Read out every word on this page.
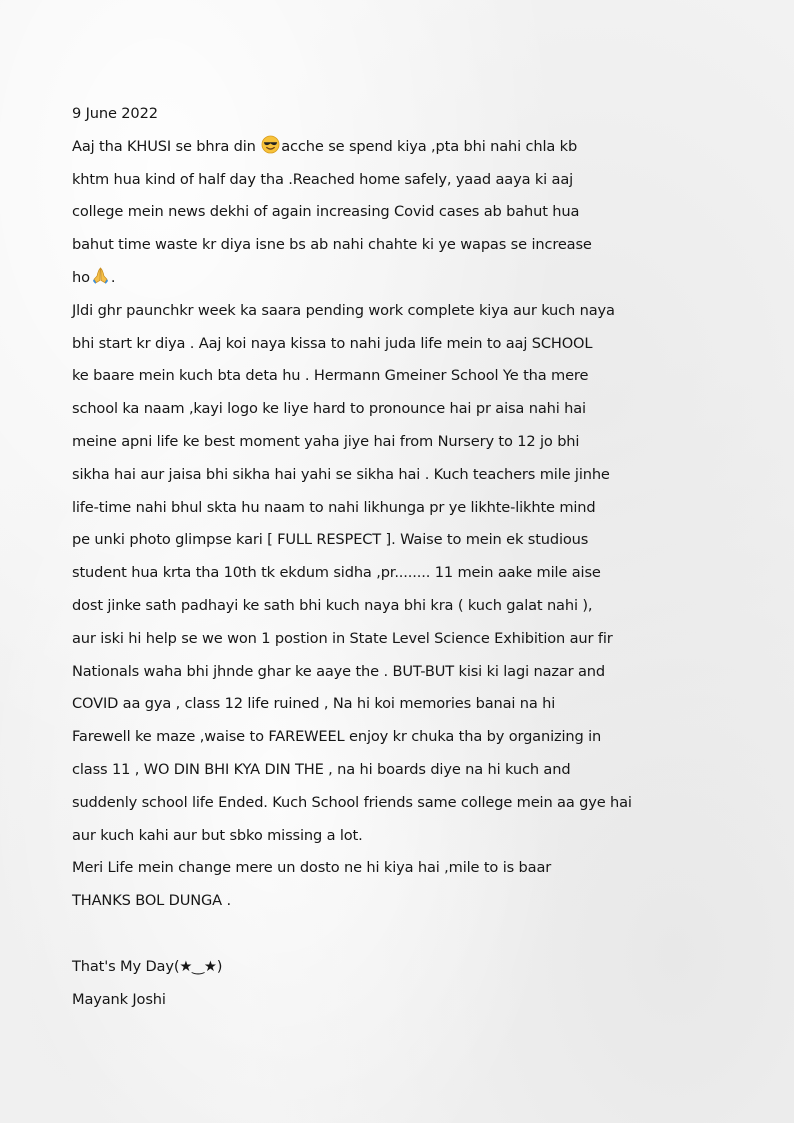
9 June 2022
Aaj tha KHUSI se bhra din acche se spend kiya ,pta bhi nahi chla kb
khtm hua kind of half day tha .Reached home safely, yaad aaya ki aaj
college mein news dekhi of again increasing Covid cases ab bahut hua
bahut time waste kr diya isne bs ab nahi chahte ki ye wapas se increase
ho .
Jldi ghr paunchkr week ka saara pending work complete kiya aur kuch naya
bhi start kr diya . Aaj koi naya kissa to nahi juda life mein to aaj SCHOOL
ke baare mein kuch bta deta hu . Hermann Gmeiner School Ye tha mere
school ka naam ,kayi logo ke liye hard to pronounce hai pr aisa nahi hai
meine apni life ke best moment yaha jiye hai from Nursery to 12 jo bhi
sikha hai aur jaisa bhi sikha hai yahi se sikha hai . Kuch teachers mile jinhe
life-time nahi bhul skta hu naam to nahi likhunga pr ye likhte-likhte mind
pe unki photo glimpse kari [ FULL RESPECT ]. Waise to mein ek studious
student hua krta tha 10th tk ekdum sidha ,pr........ 11 mein aake mile aise
dost jinke sath padhayi ke sath bhi kuch naya bhi kra ( kuch galat nahi ),
aur iski hi help se we won 1 postion in State Level Science Exhibition aur fir
Nationals waha bhi jhnde ghar ke aaye the . BUT-BUT kisi ki lagi nazar and
COVID aa gya , class 12 life ruined , Na hi koi memories banai na hi
Farewell ke maze ,waise to FAREWEEL enjoy kr chuka tha by organizing in
class 11 , WO DIN BHI KYA DIN THE , na hi boards diye na hi kuch and
suddenly school life Ended. Kuch School friends same college mein aa gye hai
aur kuch kahi aur but sbko missing a lot.
Meri Life mein change mere un dosto ne hi kiya hai ,mile to is baar
THANKS BOL DUNGA .
That's My Day(★‿★)
Mayank Joshi
